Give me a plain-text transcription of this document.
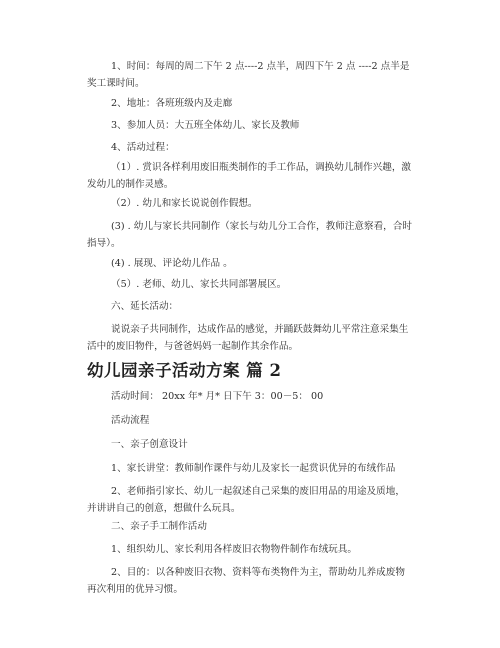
1、时间：每周的周二下午 2 点----2 点半，周四下午 2 点 ----2 点半是奖工课时间。

2、地址：各班班级内及走廊

3、参加人员：大五班全体幼儿、家长及教师

4、活动过程：

（1）. 赏识各样利用废旧瓶类制作的手工作品，调换幼儿制作兴趣，激发幼儿的制作灵感。

（2）. 幼儿和家长说说创作假想。

(3) . 幼儿与家长共同制作（家长与幼儿分工合作，教师注意察看，合时指导）。

(4) . 展现、评论幼儿作品 。

（5）. 老师、幼儿、家长共同部署展区。

六、延长活动：

说说亲子共同制作，达成作品的感觉，并踊跃鼓舞幼儿平常注意采集生活中的废旧物件，与爸爸妈妈一起制作其余作品。

幼儿园亲子活动方案 篇 2

活动时间： 20xx 年* 月* 日下午 3：00－5： 00

活动流程

一、亲子创意设计

1、家长讲堂：教师制作课件与幼儿及家长一起赏识优异的布绒作品

2、老师指引家长、幼儿一起叙述自己采集的废旧用品的用途及质地，并讲讲自己的创意，想做什么玩具。

二、亲子手工制作活动

1、组织幼儿、家长利用各样废旧衣物物件制作布绒玩具。

2、目的：以各种废旧衣物、资料等布类物件为主，帮助幼儿养成废物再次利用的优异习惯。
